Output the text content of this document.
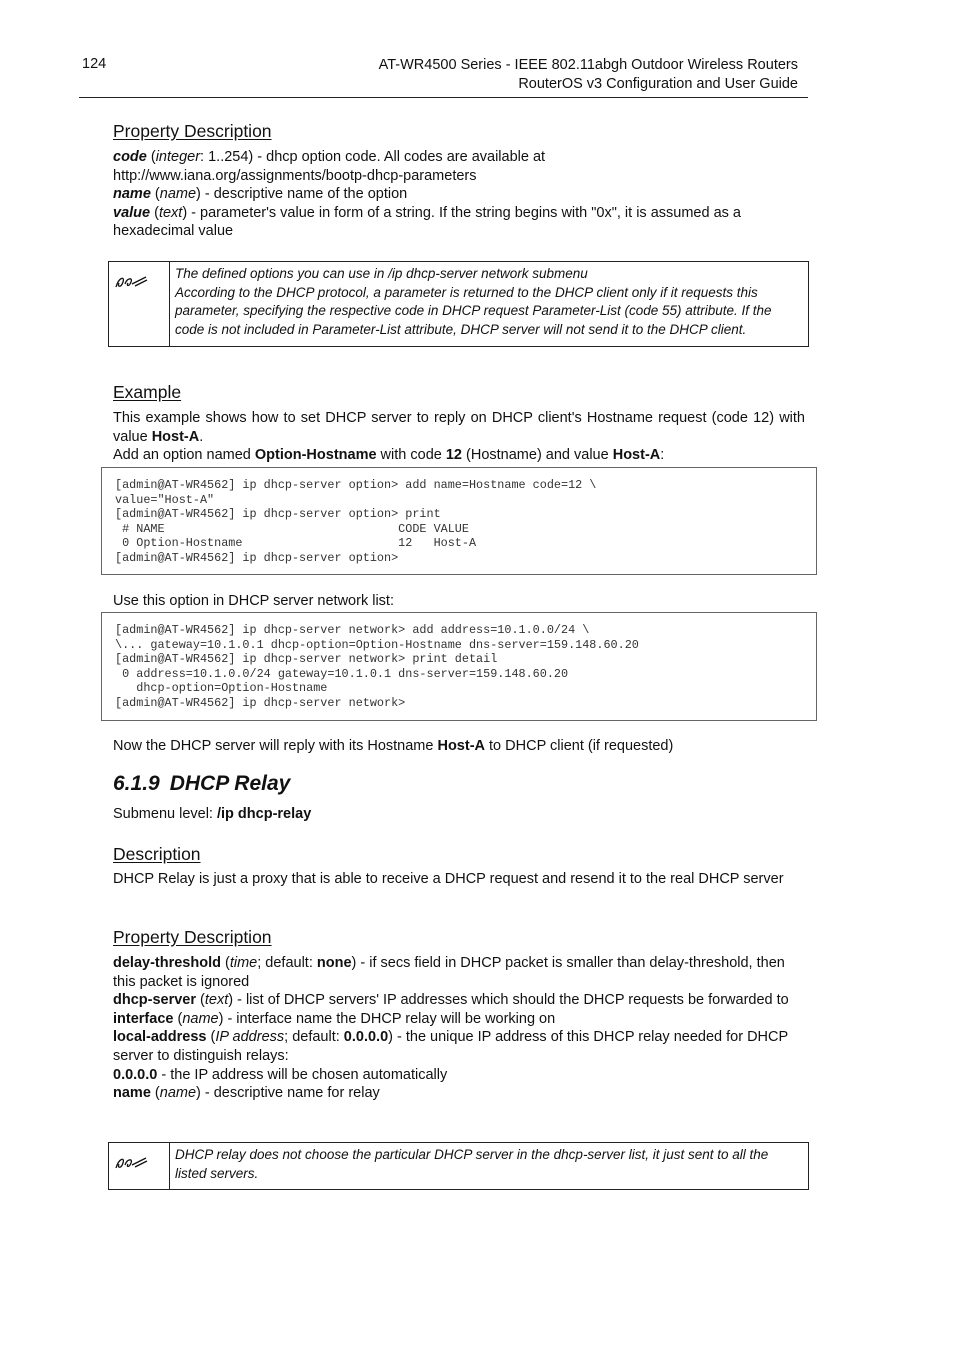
124	AT-WR4500 Series - IEEE 802.11abgh Outdoor Wireless Routers
RouterOS v3 Configuration and User Guide
Property Description
code (integer: 1..254) - dhcp option code. All codes are available at
http://www.iana.org/assignments/bootp-dhcp-parameters
name (name) - descriptive name of the option
value (text) - parameter's value in form of a string. If the string begins with "0x", it is assumed as a hexadecimal value
The defined options you can use in /ip dhcp-server network submenu
According to the DHCP protocol, a parameter is returned to the DHCP client only if it requests this parameter, specifying the respective code in DHCP request Parameter-List (code 55) attribute. If the code is not included in Parameter-List attribute, DHCP server will not send it to the DHCP client.
Example
This example shows how to set DHCP server to reply on DHCP client's Hostname request (code 12) with value Host-A.
Add an option named Option-Hostname with code 12 (Hostname) and value Host-A:
[admin@AT-WR4562] ip dhcp-server option> add name=Hostname code=12 \
value="Host-A"
[admin@AT-WR4562] ip dhcp-server option> print
# NAME                                 CODE VALUE
0 Option-Hostname                      12   Host-A
[admin@AT-WR4562] ip dhcp-server option>
Use this option in DHCP server network list:
[admin@AT-WR4562] ip dhcp-server network> add address=10.1.0.0/24 \
\... gateway=10.1.0.1 dhcp-option=Option-Hostname dns-server=159.148.60.20
[admin@AT-WR4562] ip dhcp-server network> print detail
0 address=10.1.0.0/24 gateway=10.1.0.1 dns-server=159.148.60.20
dhcp-option=Option-Hostname
[admin@AT-WR4562] ip dhcp-server network>
Now the DHCP server will reply with its Hostname Host-A to DHCP client (if requested)
6.1.9 DHCP Relay
Submenu level: /ip dhcp-relay
Description
DHCP Relay is just a proxy that is able to receive a DHCP request and resend it to the real DHCP server
Property Description
delay-threshold (time; default: none) - if secs field in DHCP packet is smaller than delay-threshold, then this packet is ignored
dhcp-server (text) - list of DHCP servers' IP addresses which should the DHCP requests be forwarded to
interface (name) - interface name the DHCP relay will be working on
local-address (IP address; default: 0.0.0.0) - the unique IP address of this DHCP relay needed for DHCP server to distinguish relays:
0.0.0.0 - the IP address will be chosen automatically
name (name) - descriptive name for relay
DHCP relay does not choose the particular DHCP server in the dhcp-server list, it just sent to all the listed servers.
